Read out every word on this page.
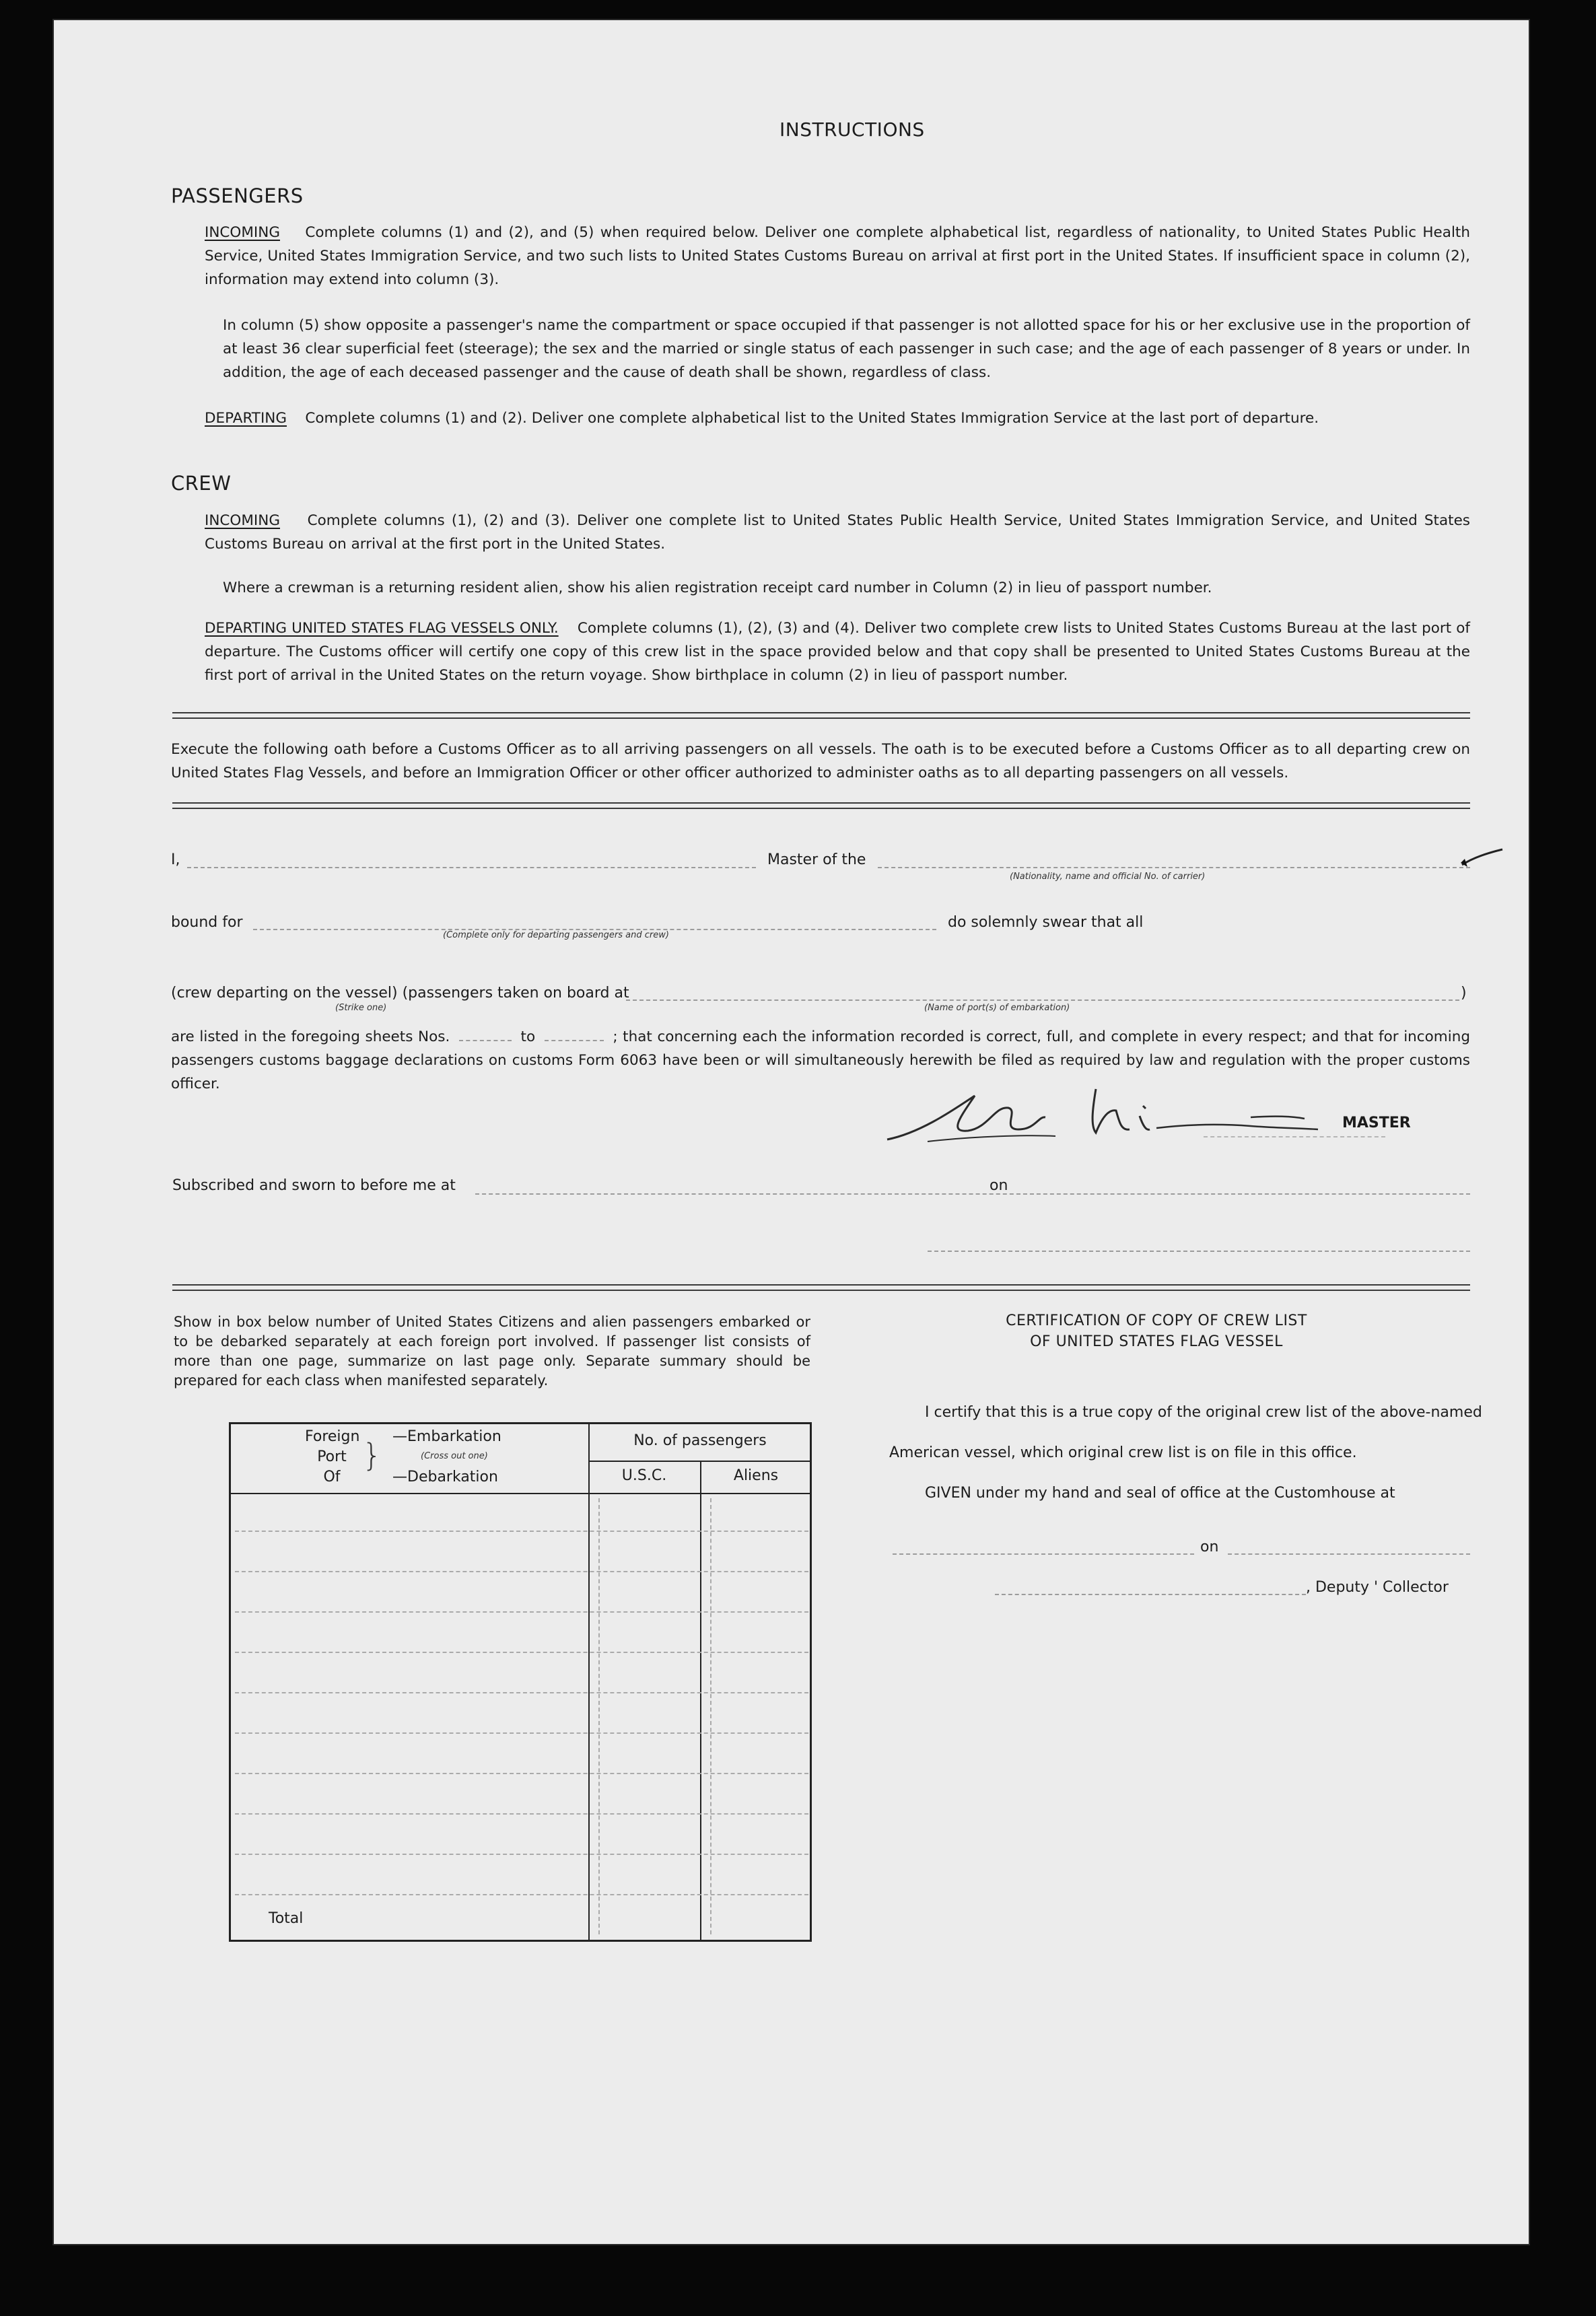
INSTRUCTIONS
PASSENGERS
INCOMING Complete columns (1) and (2), and (5) when required below. Deliver one complete alphabetical list, regardless of nationality, to United States Public Health Service, United States Immigration Service, and two such lists to United States Customs Bureau on arrival at first port in the United States. If insufficient space in column (2), information may extend into column (3).
In column (5) show opposite a passenger's name the compartment or space occupied if that passenger is not allotted space for his or her exclusive use in the proportion of at least 36 clear superficial feet (steerage); the sex and the married or single status of each passenger in such case; and the age of each passenger of 8 years or under. In addition, the age of each deceased passenger and the cause of death shall be shown, regardless of class.
DEPARTING Complete columns (1) and (2). Deliver one complete alphabetical list to the United States Immigration Service at the last port of departure.
CREW
INCOMING Complete columns (1), (2) and (3). Deliver one complete list to United States Public Health Service, United States Immigration Service, and United States Customs Bureau on arrival at the first port in the United States.
Where a crewman is a returning resident alien, show his alien registration receipt card number in Column (2) in lieu of passport number.
DEPARTING UNITED STATES FLAG VESSELS ONLY. Complete columns (1), (2), (3) and (4). Deliver two complete crew lists to United States Customs Bureau at the last port of departure. The Customs officer will certify one copy of this crew list in the space provided below and that copy shall be presented to United States Customs Bureau at the first port of arrival in the United States on the return voyage. Show birthplace in column (2) in lieu of passport number.
Execute the following oath before a Customs Officer as to all arriving passengers on all vessels. The oath is to be executed before a Customs Officer as to all departing crew on United States Flag Vessels, and before an Immigration Officer or other officer authorized to administer oaths as to all departing passengers on all vessels.
I,	Master of the
(Nationality, name and official No. of carrier)
bound for
(Complete only for departing passengers and crew)
do solemnly swear that all
(crew departing on the vessel) (passengers taken on board at	)
(Strike one)	(Name of port(s) of embarkation)
are listed in the foregoing sheets Nos.	to	; that concerning each the information recorded is correct, full, and complete in every respect; and that for incoming passengers customs baggage declarations on customs Form 6063 have been or will simultaneously herewith be filed as required by law and regulation with the proper customs officer.
MASTER
Subscribed and sworn to before me at	on
Show in box below number of United States Citizens and alien passengers embarked or to be debarked separately at each foreign port involved. If passenger list consists of more than one page, summarize on last page only. Separate summary should be prepared for each class when manifested separately.
Foreign
Port
Of
}
—Embarkation
(Cross out one)
—Debarkation
No. of passengers
U.S.C.	Aliens
Total
CERTIFICATION OF COPY OF CREW LIST
OF UNITED STATES FLAG VESSEL
I certify that this is a true copy of the original crew list of the above-named
American vessel, which original crew list is on file in this office.
GIVEN under my hand and seal of office at the Customhouse at
on
, Deputy ' Collector
